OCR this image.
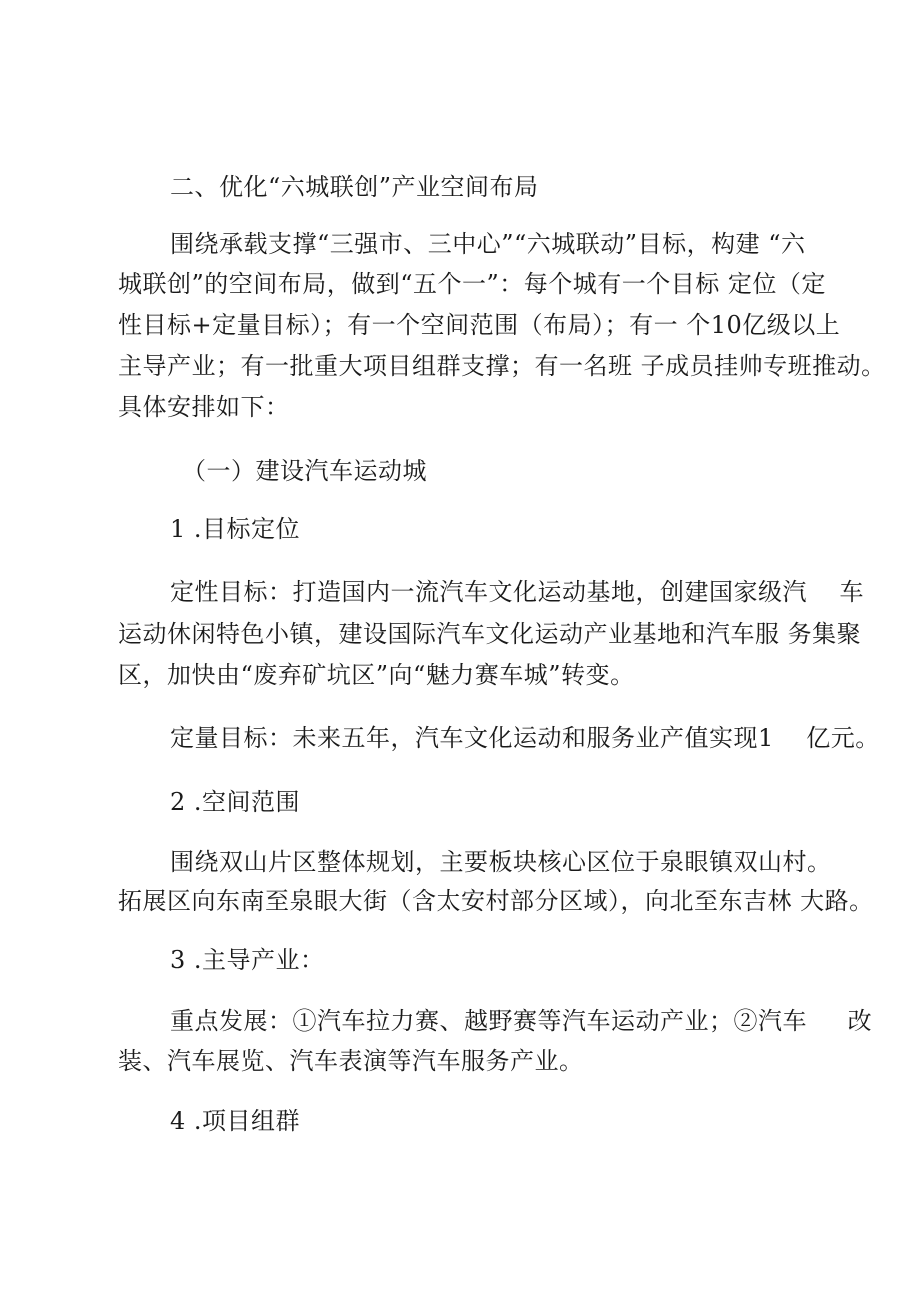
二、优化“六城联创”产业空间布局
围绕承载支撑“三强市、三中心”“六城联动”目标，构建 “六
城联创”的空间布局，做到“五个一”：每个城有一个目标 定位（定
性目标+定量目标）；有一个空间范围（布局）；有一 个10亿级以上
主导产业；有一批重大项目组群支撑；有一名班 子成员挂帅专班推动。
具体安排如下：
（一）建设汽车运动城
1 .目标定位
定性目标：打造国内一流汽车文化运动基地，创建国家级汽    车
运动休闲特色小镇，建设国际汽车文化运动产业基地和汽车服 务集聚
区，加快由“废弃矿坑区”向“魅力赛车城”转变。
定量目标：未来五年，汽车文化运动和服务业产值实现1    亿元。
2 .空间范围
围绕双山片区整体规划，主要板块核心区位于泉眼镇双山村。
拓展区向东南至泉眼大街（含太安村部分区域），向北至东吉林 大路。
3 .主导产业：
重点发展：①汽车拉力赛、越野赛等汽车运动产业；②汽车     改
装、汽车展览、汽车表演等汽车服务产业。
4 .项目组群
